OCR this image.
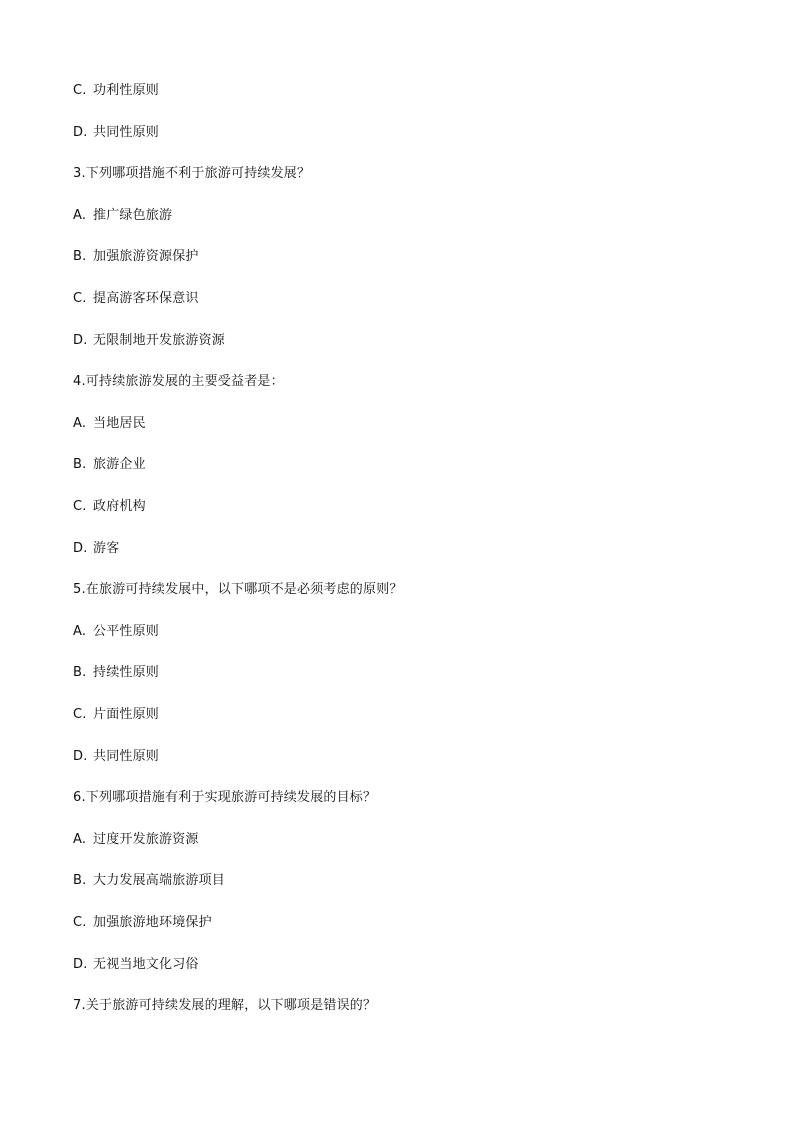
C. 功利性原则
D. 共同性原则
3.下列哪项措施不利于旅游可持续发展？
A. 推广绿色旅游
B. 加强旅游资源保护
C. 提高游客环保意识
D. 无限制地开发旅游资源
4.可持续旅游发展的主要受益者是：
A. 当地居民
B. 旅游企业
C. 政府机构
D. 游客
5.在旅游可持续发展中，以下哪项不是必须考虑的原则？
A. 公平性原则
B. 持续性原则
C. 片面性原则
D. 共同性原则
6.下列哪项措施有利于实现旅游可持续发展的目标？
A. 过度开发旅游资源
B. 大力发展高端旅游项目
C. 加强旅游地环境保护
D. 无视当地文化习俗
7.关于旅游可持续发展的理解，以下哪项是错误的？
